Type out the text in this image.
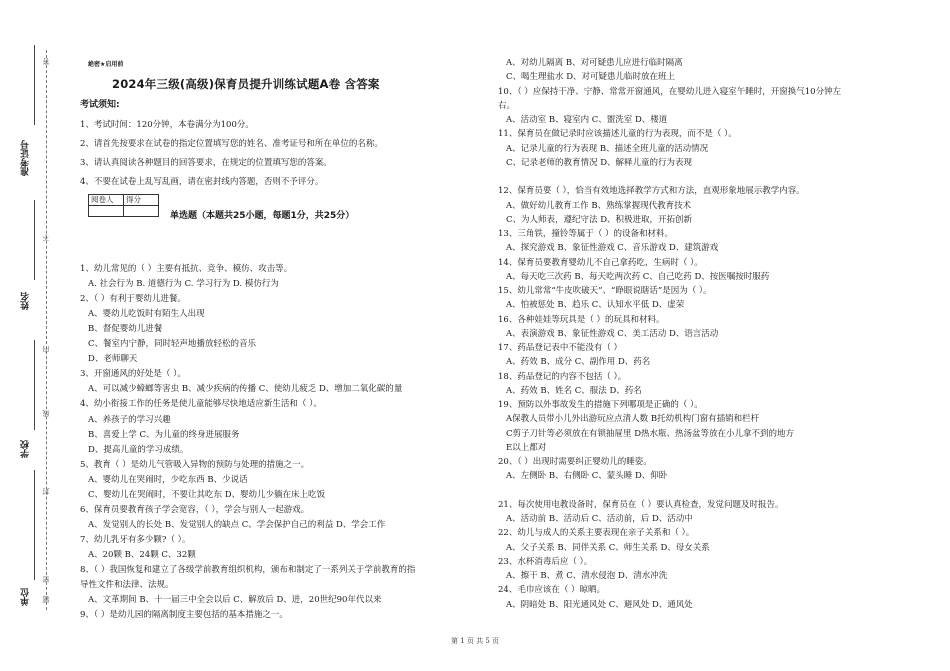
准考证号
姓名
学校
单位
答
不
内
线
封
密
题
絶密★启用前
2024年三级(高级)保育员提升训练试题A卷 含答案
考试须知:
1、考试时间：120分钟，本卷满分为100分。
2、请首先按要求在试卷的指定位置填写您的姓名、准考证号和所在单位的名称。
3、请认真阅读各种题目的回答要求，在规定的位置填写您的答案。
4、不要在试卷上乱写乱画，请在密封线内答题，否则不予评分。
阅卷人	得分

单选题（本题共25小题，每题1分，共25分）
1、幼儿常见的（ ）主要有抵抗、竞争、模仿、攻击等。
A. 社会行为 B. 道德行为 C. 学习行为 D. 模仿行为
2、（ ）有利于婴幼儿进餐。
A、婴幼儿吃饭时有陌生人出现
B、督促婴幼儿进餐
C、餐室内宁静，同时轻声地播放轻松的音乐
D、老师聊天
3、开窗通风的好处是（ ）。
A、可以减少蟑螂等害虫 B、减少疾病的传播 C、使幼儿疲乏 D、增加二氧化碳的量
4、幼小衔接工作的任务是使儿童能够尽快地适应新生活和（ ）。
A、养孩子的学习兴趣
B、喜爱上学 C、为儿童的终身进展服务
D、提高儿童的学习成绩。
5、教育（ ）是幼儿气管吸入异物的预防与处理的措施之一。
A、婴幼儿在哭闹时，少吃东西 B、少说话
C、婴幼儿在哭闹时，不要让其吃东 D、婴幼儿少躺在床上吃饭
6、保育员要教育孩子学会宽容，（ ），学会与别人一起游戏。
A、发觉别人的长处 B、发觉别人的缺点 C、学会保护自己的利益 D、学会工作
7、幼儿乳牙有多少颗?（ ）。
A、20颗 B、24颗 C、32颗
8、（ ）我国恢复和建立了各级学前教育组织机构，颁布和制定了一系列关于学前教育的指
导性文件和法律、法规。
A、文革期间 B、十一届三中全会以后 C、解放后 D、进，20世纪90年代以来
9、（ ）是幼儿园的隔离制度主要包括的基本措施之一。
A、对幼儿隔离 B、对可疑患儿应进行临时隔离
C、喝生理盐水 D、对可疑患儿临时放在班上
10、（ ）应保持干净、宁静、常常开窗通风，在婴幼儿进入寝室午睡时，开窗换气10分钟左
右。
A、活动室 B、寝室内 C、盥洗室 D、楼道
11、保育员在做记录时应该描述儿童的行为表现，而不是（ ）。
A、记录儿童的行为表现 B、描述全班儿童的活动情况
C、记录老师的教育情况 D、解释儿童的行为表现
12、保育员要（ ），恰当有效地选择教学方式和方法，直观形象地展示教学内容。
A、做好幼儿教育工作 B、熟练掌握现代教育技术
C、为人师表，遵纪守法 D、积极进取，开拓创新
13、三角铁，撞铃等属于（ ）的设备和材料。
A、探究游戏 B、象征性游戏 C、音乐游戏 D、建筑游戏
14、保育员要教育婴幼儿不自己拿药吃，生病时（ ）。
A、每天吃三次药 B、每天吃两次药 C、自己吃药 D、按医嘱按时服药
15、幼儿常常“牛皮吹破天”、“睁眼说瞎话”是因为（ ）。
A、怕被惩处 B、趋乐 C、认知水平低 D、虚荣
16、各种娃娃等玩具是（ ）的玩具和材料。
A、表演游戏 B、象征性游戏 C、美工活动 D、语言活动
17、药品登记表中不能没有（ ）
A、药效 B、成分 C、副作用 D、药名
18、药品登记的内容不包括（ ）。
A、药效 B、姓名 C、服法 D、药名
19、预防以外事故发生的措施下列哪项是正确的（ ）。
A保教人员带小儿外出游玩应点清人数 B托幼机构门窗有插销和栏杆
C剪子刀针等必须放在有锁抽屉里 D热水瓶、热汤盆等放在小儿拿不到的地方
E以上都对
20、（ ）出现时需要纠正婴幼儿的睡姿。
A、左侧卧 B、右侧卧 C、蒙头睡 D、仰卧
21、每次使用电教设备时，保育员在（ ）要认真检查，发觉问题及时报告。
A、活动前 B、活动后 C、活动前，后 D、活动中
22、幼儿与成人的关系主要表现在亲子关系和（ ）。
A、父子关系 B、同伴关系 C、师生关系 D、母女关系
23、水杯消毒后应（ ）。
A、擦干 B、煮 C、清水侵泡 D、清水冲洗
24、毛巾应该在（ ）晾晒。
A、阴暗处 B、阳光通风处 C、避风处 D、通风处
第 1 页 共 5 页
